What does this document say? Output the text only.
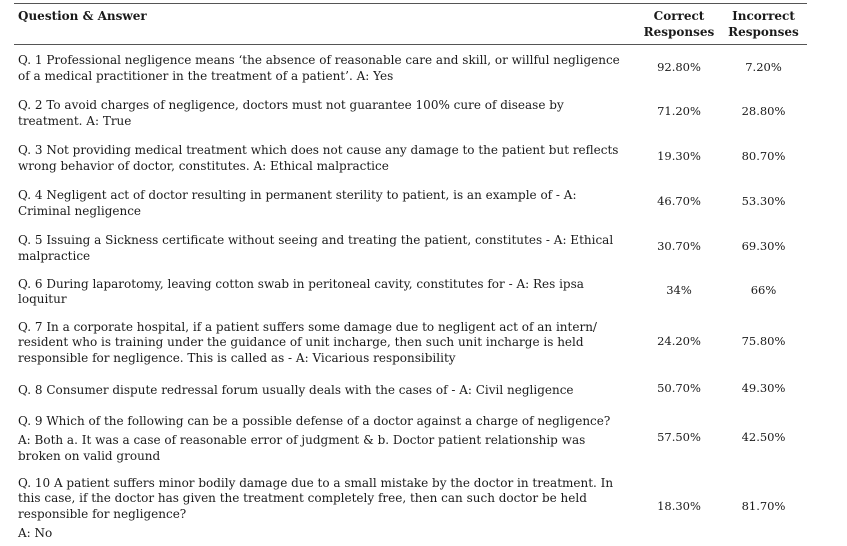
Question & Answer	Correct Responses	Incorrect Responses
Q. 1 Professional negligence means ‘the absence of reasonable care and skill, or willful negligence of a medical practitioner in the treatment of a patient’. A: Yes	92.80%	7.20%
Q. 2 To avoid charges of negligence, doctors must not guarantee 100% cure of disease by treatment. A: True	71.20%	28.80%
Q. 3 Not providing medical treatment which does not cause any damage to the patient but reflects wrong behavior of doctor, constitutes. A: Ethical malpractice	19.30%	80.70%
Q. 4 Negligent act of doctor resulting in permanent sterility to patient, is an example of - A: Criminal negligence	46.70%	53.30%
Q. 5 Issuing a Sickness certificate without seeing and treating the patient, constitutes - A: Ethical malpractice	30.70%	69.30%
Q. 6 During laparotomy, leaving cotton swab in peritoneal cavity, constitutes for - A: Res ipsa loquitur	34%	66%
Q. 7 In a corporate hospital, if a patient suffers some damage due to negligent act of an intern/ resident who is training under the guidance of unit incharge, then such unit incharge is held responsible for negligence. This is called as - A: Vicarious responsibility	24.20%	75.80%
Q. 8 Consumer dispute redressal forum usually deals with the cases of - A: Civil negligence	50.70%	49.30%
Q. 9 Which of the following can be a possible defense of a doctor against a charge of negligence?
A: Both a. It was a case of reasonable error of judgment & b. Doctor patient relationship was broken on valid ground	57.50%	42.50%
Q. 10 A patient suffers minor bodily damage due to a small mistake by the doctor in treatment. In this case, if the doctor has given the treatment completely free, then can such doctor be held responsible for negligence?
A: No	18.30%	81.70%
